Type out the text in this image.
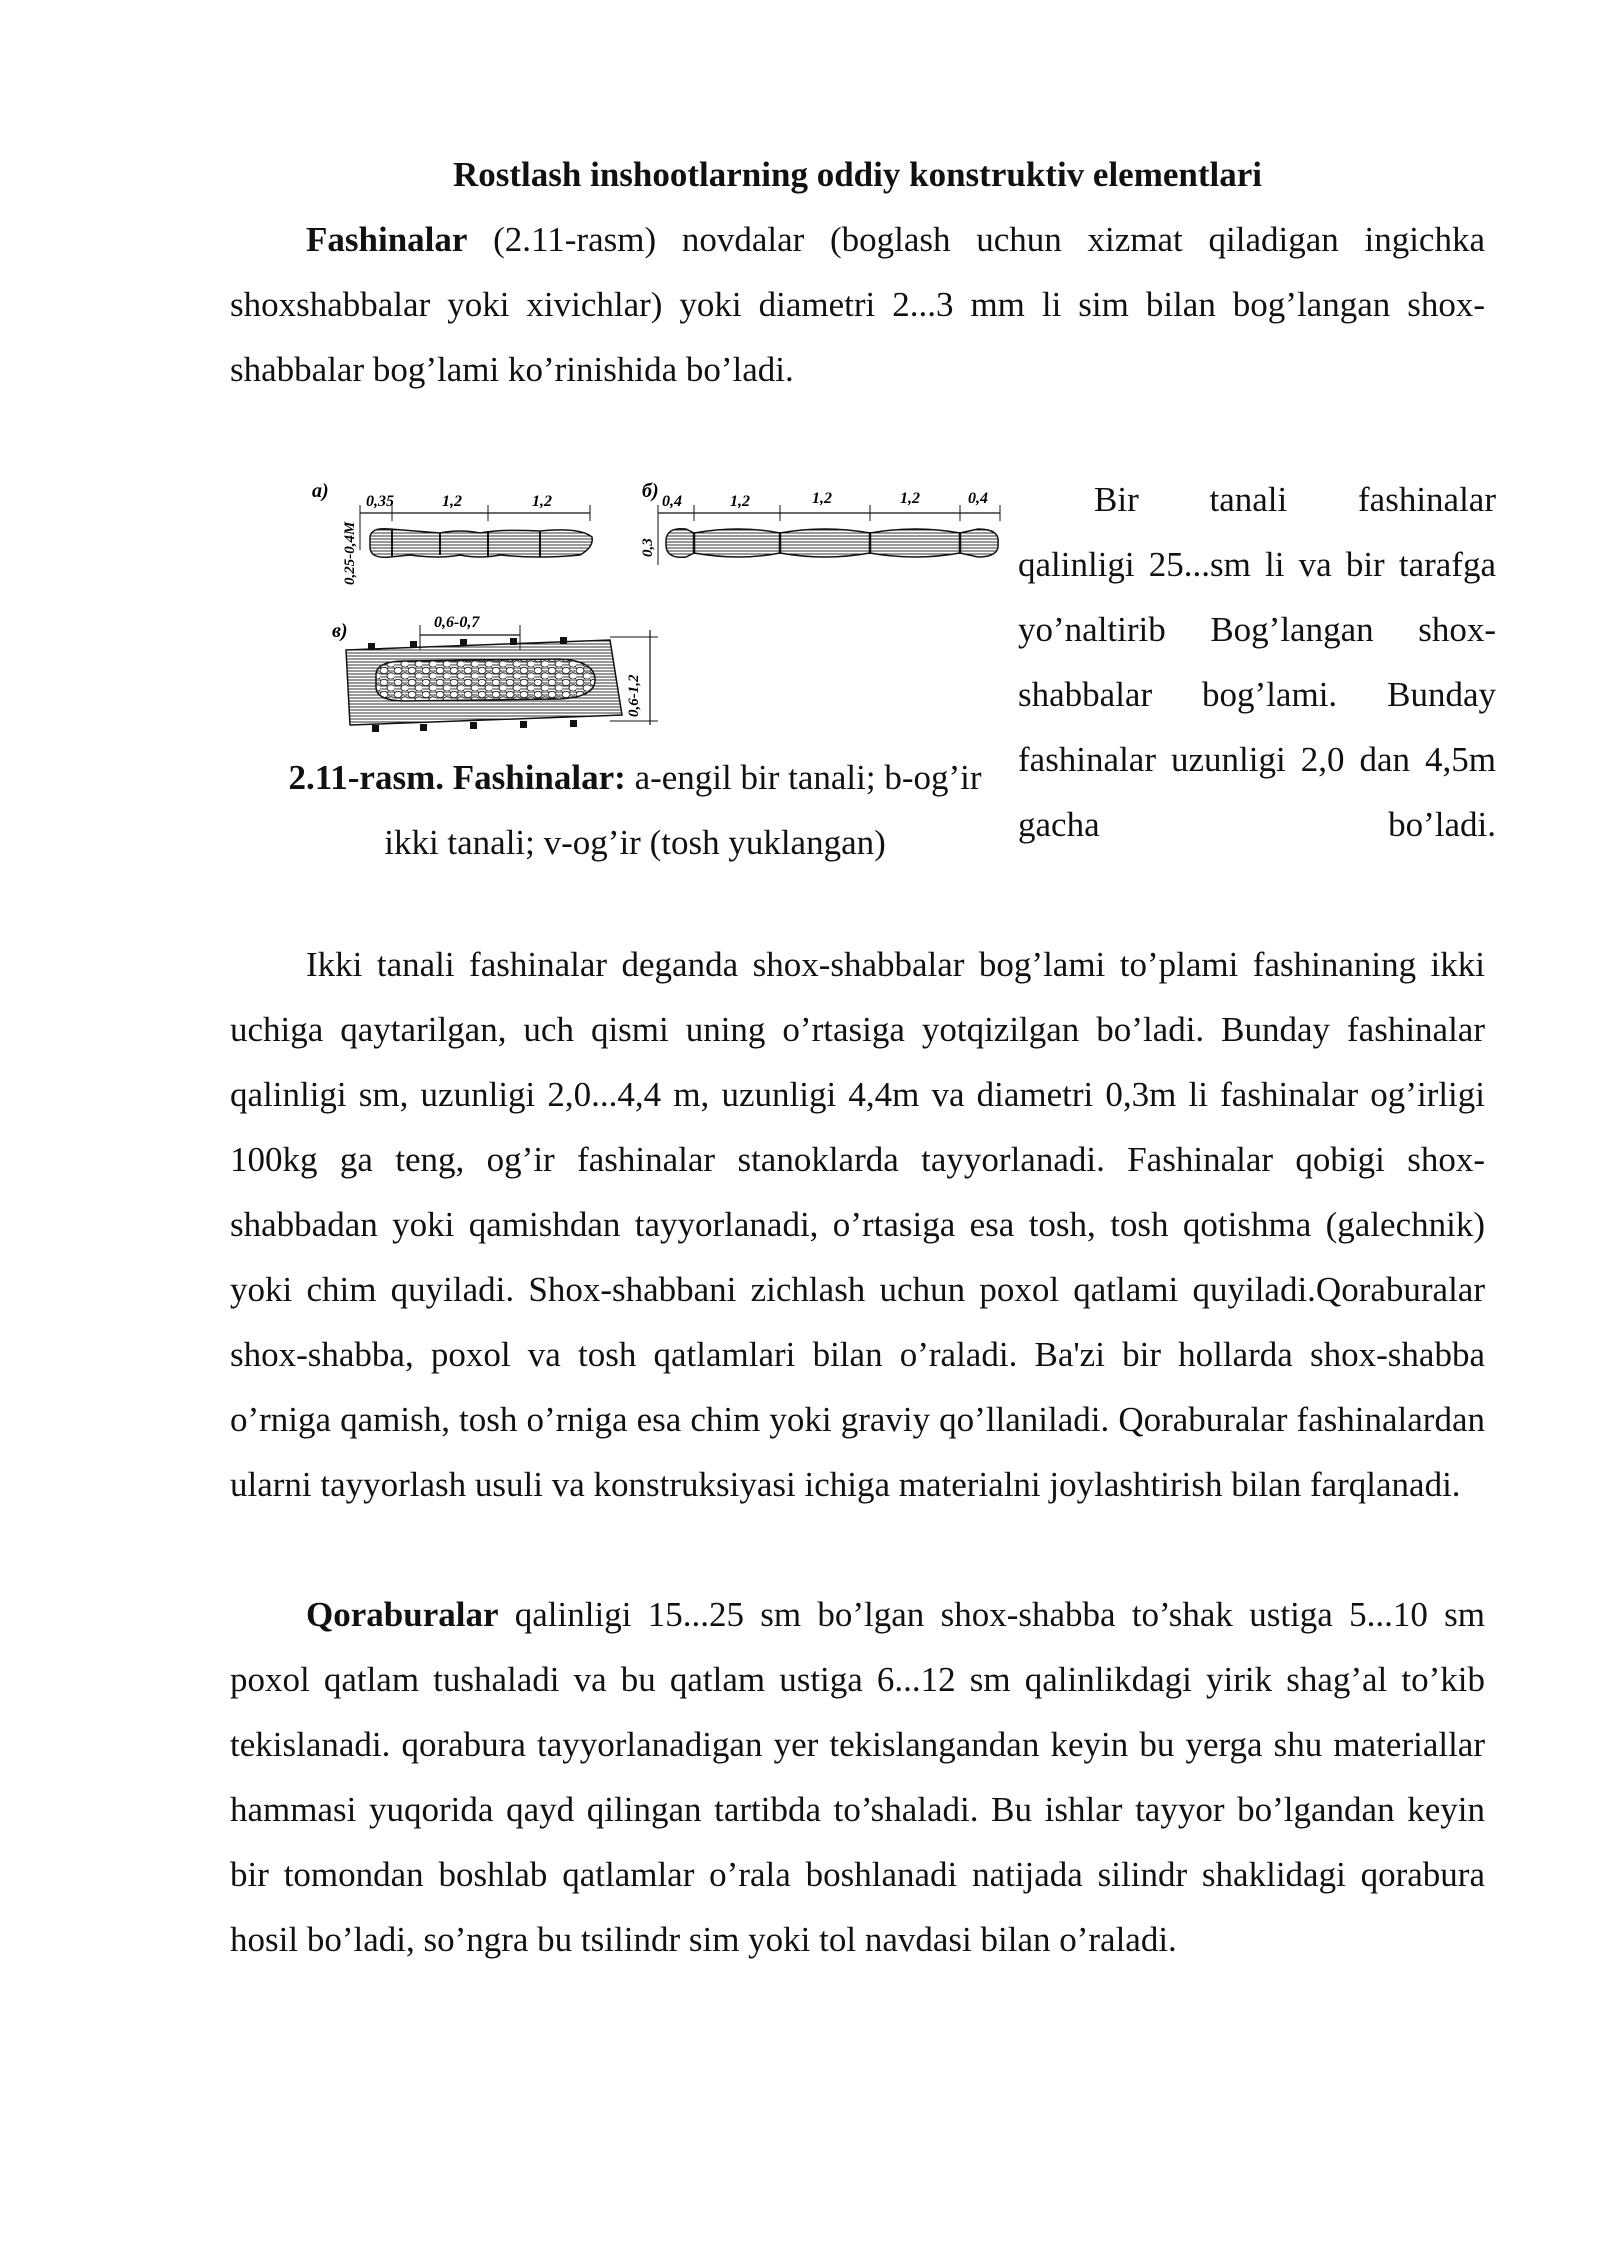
Rostlash inshootlarning oddiy konstruktiv elementlari

Fashinalar (2.11-rasm) novdalar (boglash uchun xizmat qiladigan ingichka shoxshabbalar yoki xivichlar) yoki diametri 2...3 mm li sim bilan bog’langan shox-shabbalar bog’lami ko’rinishida bo’ladi.

а)
0,25-0,4М
0,35	1,2	1,2	б)
0,3
0,4	1,2	1,2	1,2	0,4
в)	0,6-0,7
0,6-1,2
2.11-rasm. Fashinalar: a-engil bir tanali; b-og’ir ikki tanali; v-og’ir (tosh yuklangan)

Bir tanali fashinalar qalinligi 25...sm li va bir tarafga yo’naltirib Bog’langan shox-shabbalar bog’lami. Bunday fashinalar uzunligi 2,0 dan 4,5m gacha bo’ladi.

Ikki tanali fashinalar deganda shox-shabbalar bog’lami to’plami fashinaning ikki uchiga qaytarilgan, uch qismi uning o’rtasiga yotqizilgan bo’ladi. Bunday fashinalar qalinligi sm, uzunligi 2,0...4,4 m, uzunligi 4,4m va diametri 0,3m li fashinalar og’irligi 100kg ga teng, og’ir fashinalar stanoklarda tayyorlanadi. Fashinalar qobigi shox-shabbadan yoki qamishdan tayyorlanadi, o’rtasiga esa tosh, tosh qotishma (galechnik) yoki chim quyiladi. Shox-shabbani zichlash uchun poxol qatlami quyiladi.Qoraburalar shox-shabba, poxol va tosh qatlamlari bilan o’raladi. Ba'zi bir hollarda shox-shabba o’rniga qamish, tosh o’rniga esa chim yoki graviy qo’llaniladi. Qoraburalar fashinalardan ularni tayyorlash usuli va konstruksiyasi ichiga materialni joylashtirish bilan farqlanadi.

Qoraburalar qalinligi 15...25 sm bo’lgan shox-shabba to’shak ustiga 5...10 sm poxol qatlam tushaladi va bu qatlam ustiga 6...12 sm qalinlikdagi yirik shag’al to’kib tekislanadi. qorabura tayyorlanadigan yer tekislangandan keyin bu yerga shu materiallar hammasi yuqorida qayd qilingan tartibda to’shaladi. Bu ishlar tayyor bo’lgandan keyin bir tomondan boshlab qatlamlar o’rala boshlanadi natijada silindr shaklidagi qorabura hosil bo’ladi, so’ngra bu tsilindr sim yoki tol navdasi bilan o’raladi.
